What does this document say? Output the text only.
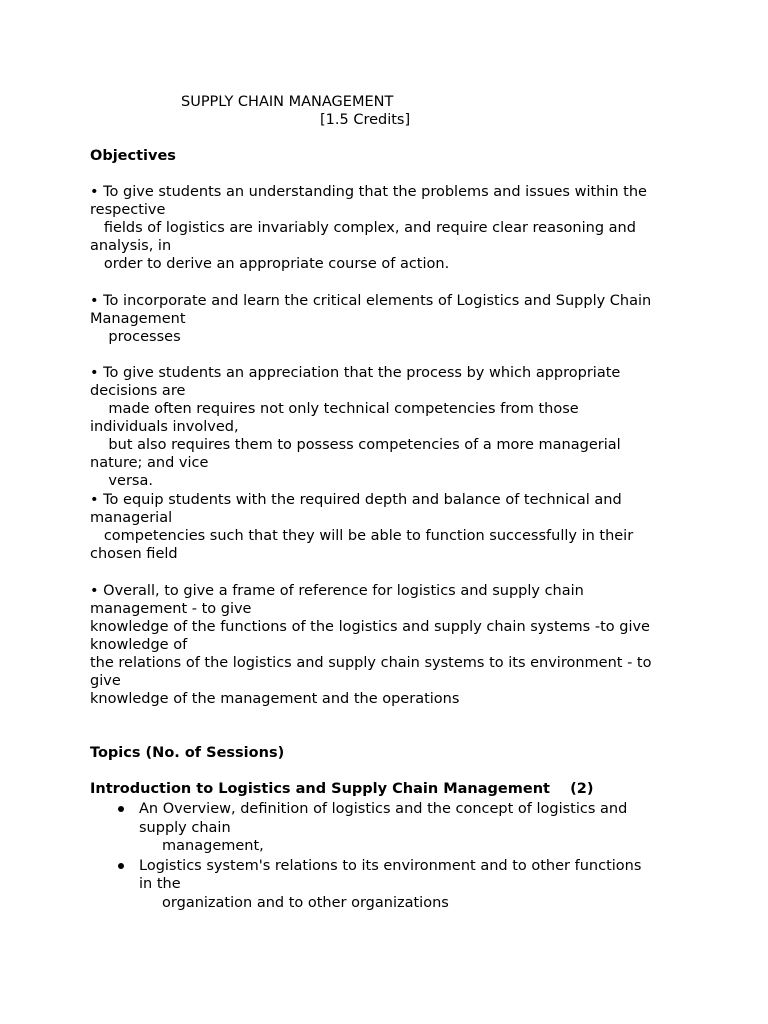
SUPPLY CHAIN MANAGEMENT
[1.5 Credits]
Objectives
• To give students an understanding that the problems and issues within the
respective
fields of logistics are invariably complex, and require clear reasoning and
analysis, in
order to derive an appropriate course of action.
• To incorporate and learn the critical elements of Logistics and Supply Chain
Management
processes
• To give students an appreciation that the process by which appropriate
decisions are
made often requires not only technical competencies from those
individuals involved,
but also requires them to possess competencies of a more managerial
nature; and vice
versa.
• To equip students with the required depth and balance of technical and
managerial
competencies such that they will be able to function successfully in their
chosen field
• Overall, to give a frame of reference for logistics and supply chain
management - to give
knowledge of the functions of the logistics and supply chain systems -to give
knowledge of
the relations of the logistics and supply chain systems to its environment - to
give
knowledge of the management and the operations
Topics (No. of Sessions)
Introduction to Logistics and Supply Chain Management    (2)
An Overview, definition of logistics and the concept of logistics and
supply chain
management,
Logistics system's relations to its environment and to other functions
in the
organization and to other organizations
